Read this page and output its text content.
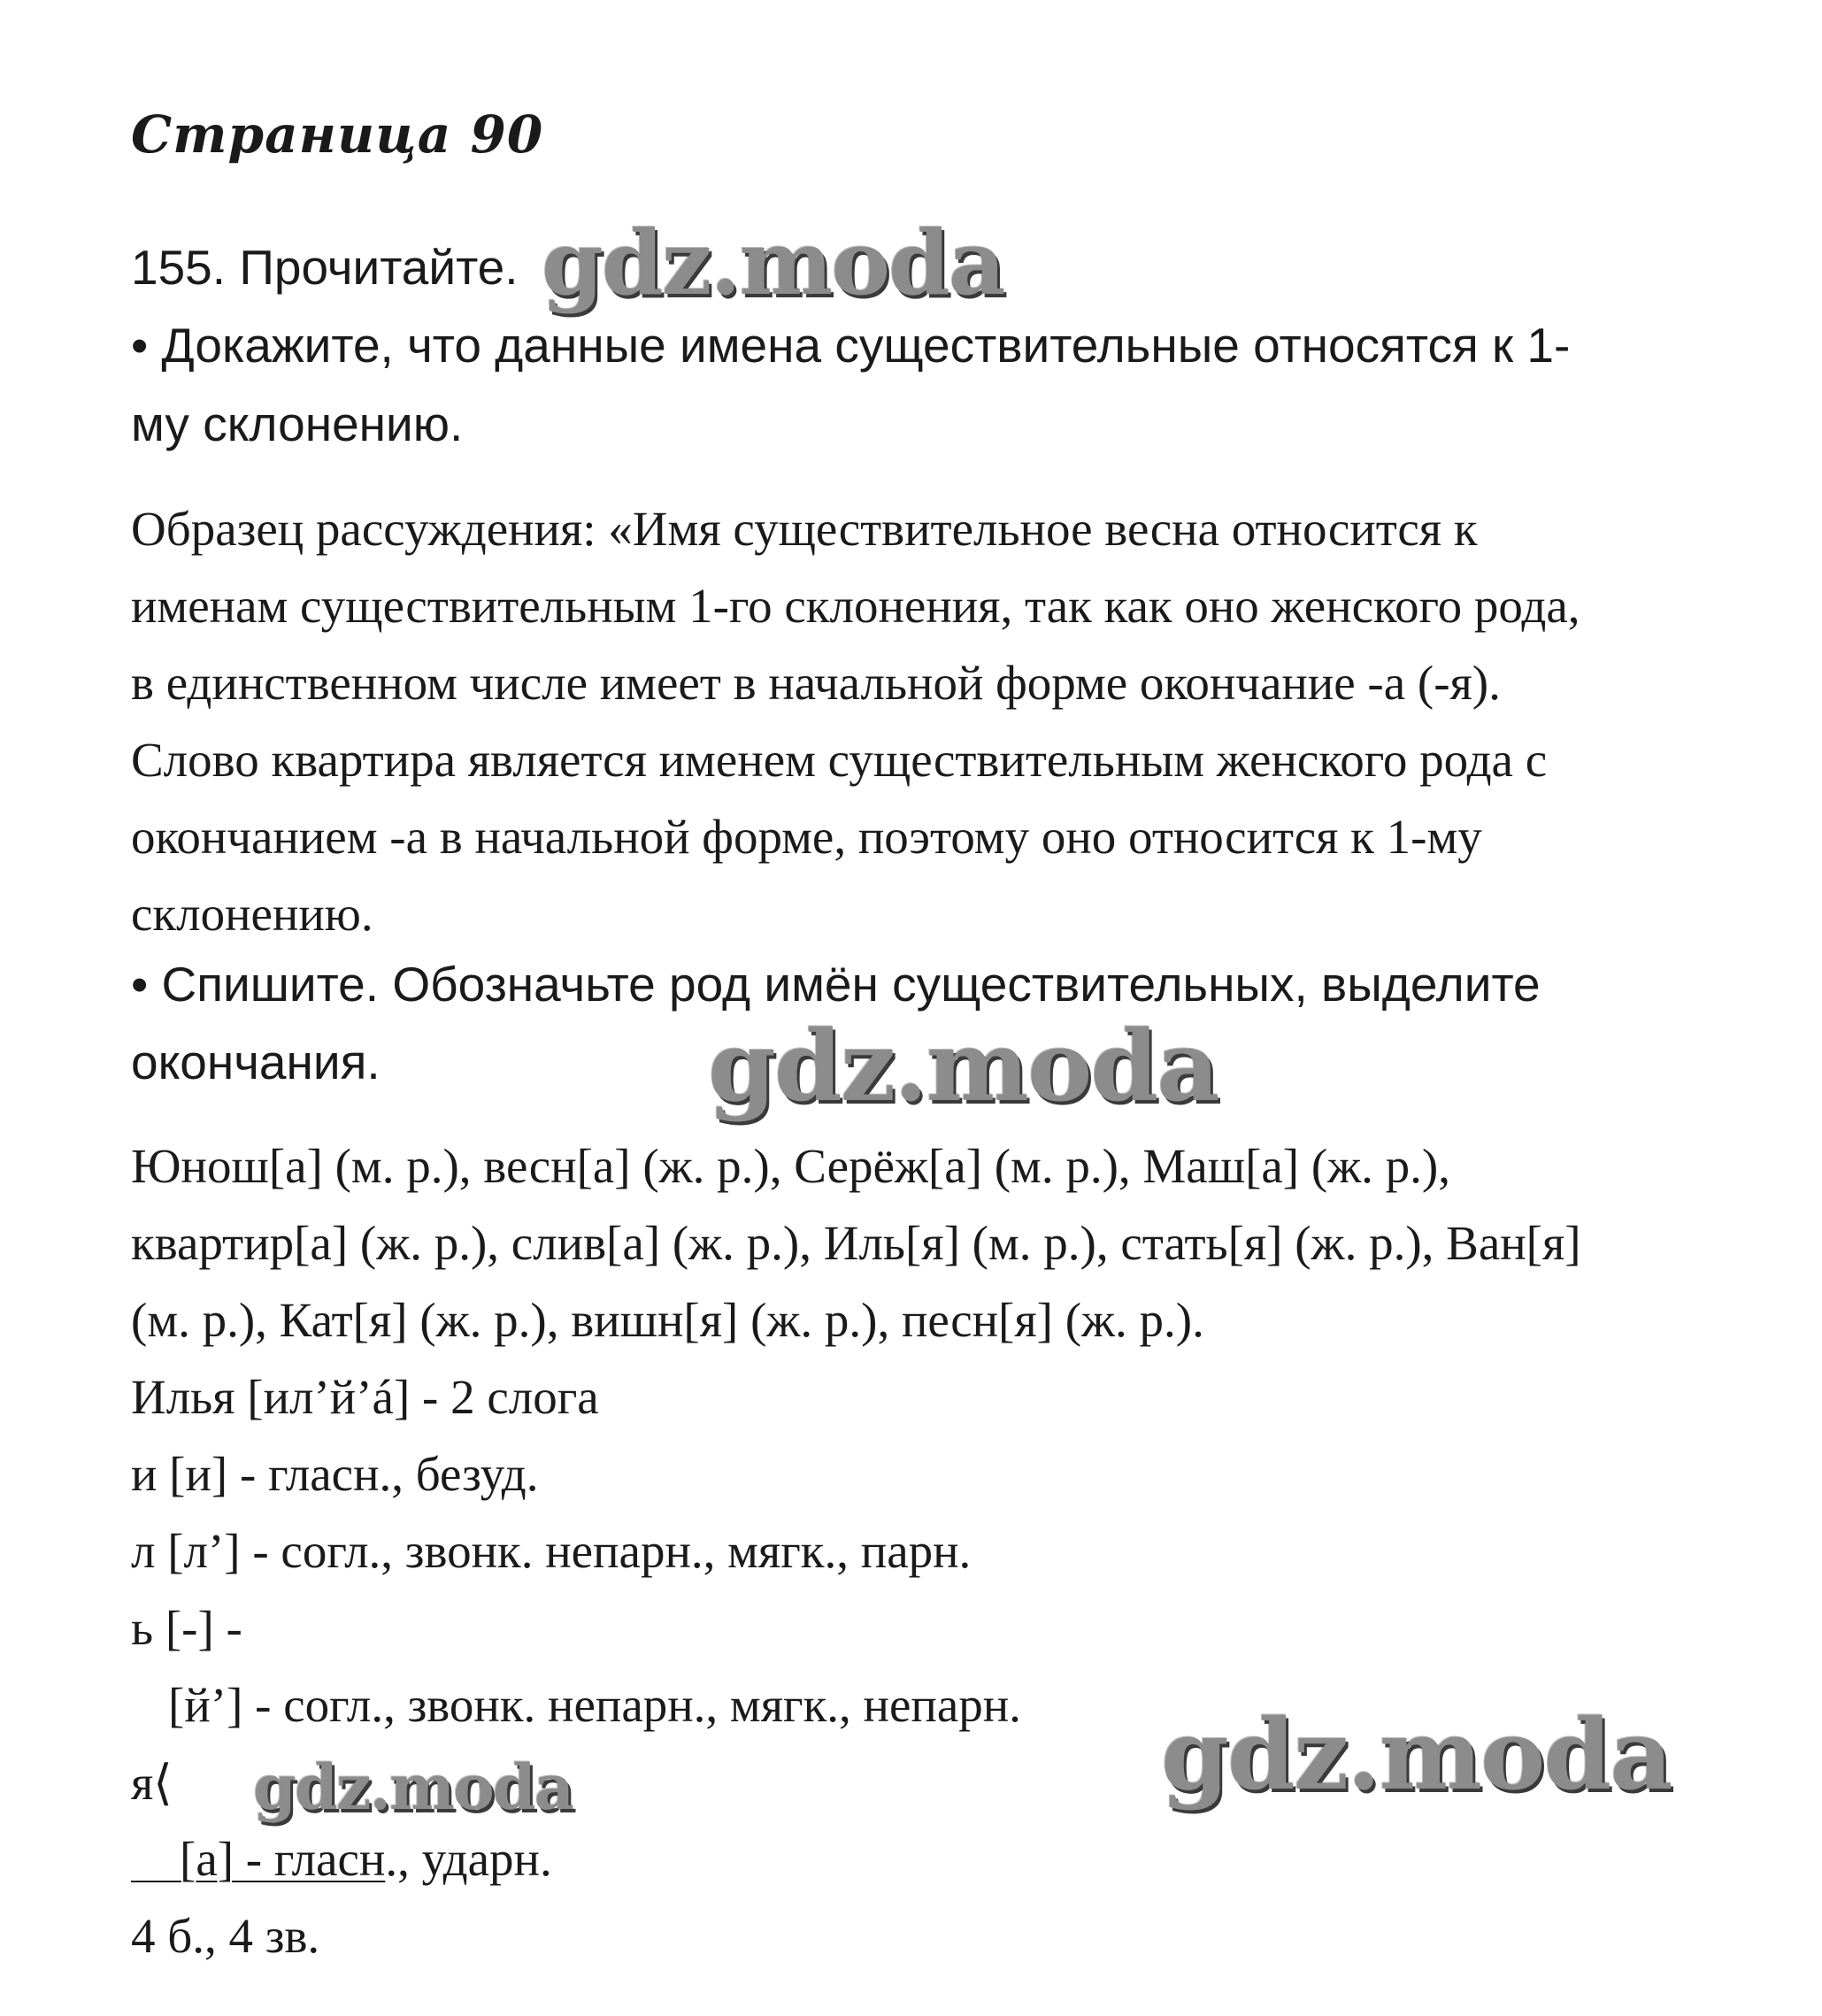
Страница 90
155. Прочитайте.
• Докажите, что данные имена существительные относятся к 1-
му склонению.
Образец рассуждения: «Имя существительное весна относится к
именам существительным 1-го склонения, так как оно женского рода,
в единственном числе имеет в начальной форме окончание -а (-я).
Слово квартира является именем существительным женского рода с
окончанием -а в начальной форме, поэтому оно относится к 1-му
склонению.
• Спишите. Обозначьте род имён существительных, выделите
окончания.
Юнош[а] (м. р.), весн[а] (ж. р.), Серёж[а] (м. р.), Маш[а] (ж. р.),
квартир[а] (ж. р.), слив[а] (ж. р.), Иль[я] (м. р.), стать[я] (ж. р.), Ван[я]
(м. р.), Кат[я] (ж. р.), вишн[я] (ж. р.), песн[я] (ж. р.).
Илья [ил’й’á] - 2 слога
и [и] - гласн., безуд.
л [л’] - согл., звонк. непарн., мягк., парн.
ь [-] -
[й’] - согл., звонк. непарн., мягк., непарн.
я⟨
 [а] - гласн., ударн.
4 б., 4 зв.
gdz.moda
gdz.moda
gdz.moda
gdz.moda
